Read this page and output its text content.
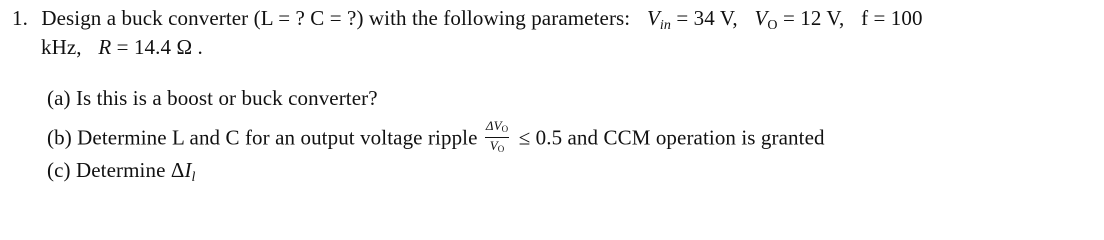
1. Design a buck converter (L = ? C = ?) with the following parameters: $V_{in} = 34$ V, VO = 12 V, f = 100
kHz, R = 14.4 Ω .
(a) Is this is a boost or buck converter?
(b) Determine L and C for an output voltage ripple $\frac{\text{ΔVO}}{VO} \le 0.5$ and CCM operation is granted
(c) Determine $\Delta I_l$
